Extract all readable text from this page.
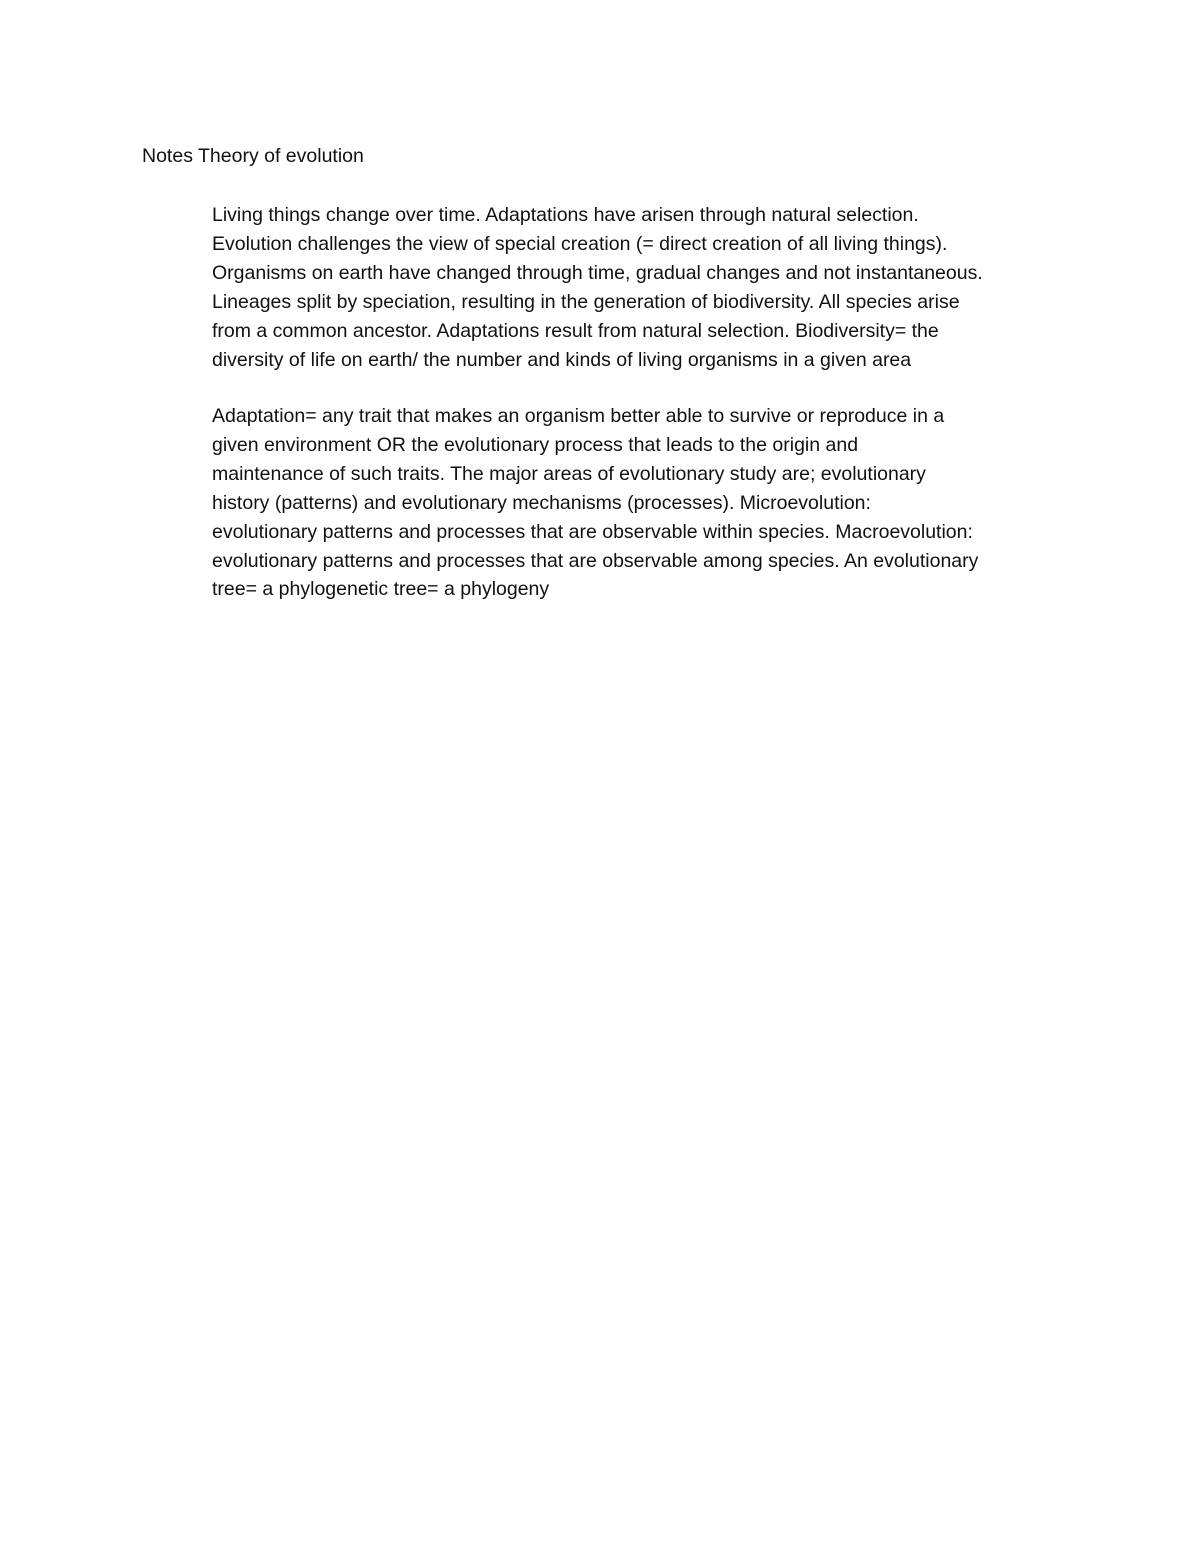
Notes Theory of evolution

Living things change over time. Adaptations have arisen through natural selection.
Evolution challenges the view of special creation (= direct creation of all living things).
Organisms on earth have changed through time, gradual changes and not instantaneous.
Lineages split by speciation, resulting in the generation of biodiversity. All species arise
from a common ancestor. Adaptations result from natural selection. Biodiversity= the
diversity of life on earth/ the number and kinds of living organisms in a given area

Adaptation= any trait that makes an organism better able to survive or reproduce in a
given environment OR the evolutionary process that leads to the origin and
maintenance of such traits. The major areas of evolutionary study are; evolutionary
history (patterns) and evolutionary mechanisms (processes). Microevolution:
evolutionary patterns and processes that are observable within species. Macroevolution:
evolutionary patterns and processes that are observable among species. An evolutionary
tree= a phylogenetic tree= a phylogeny
